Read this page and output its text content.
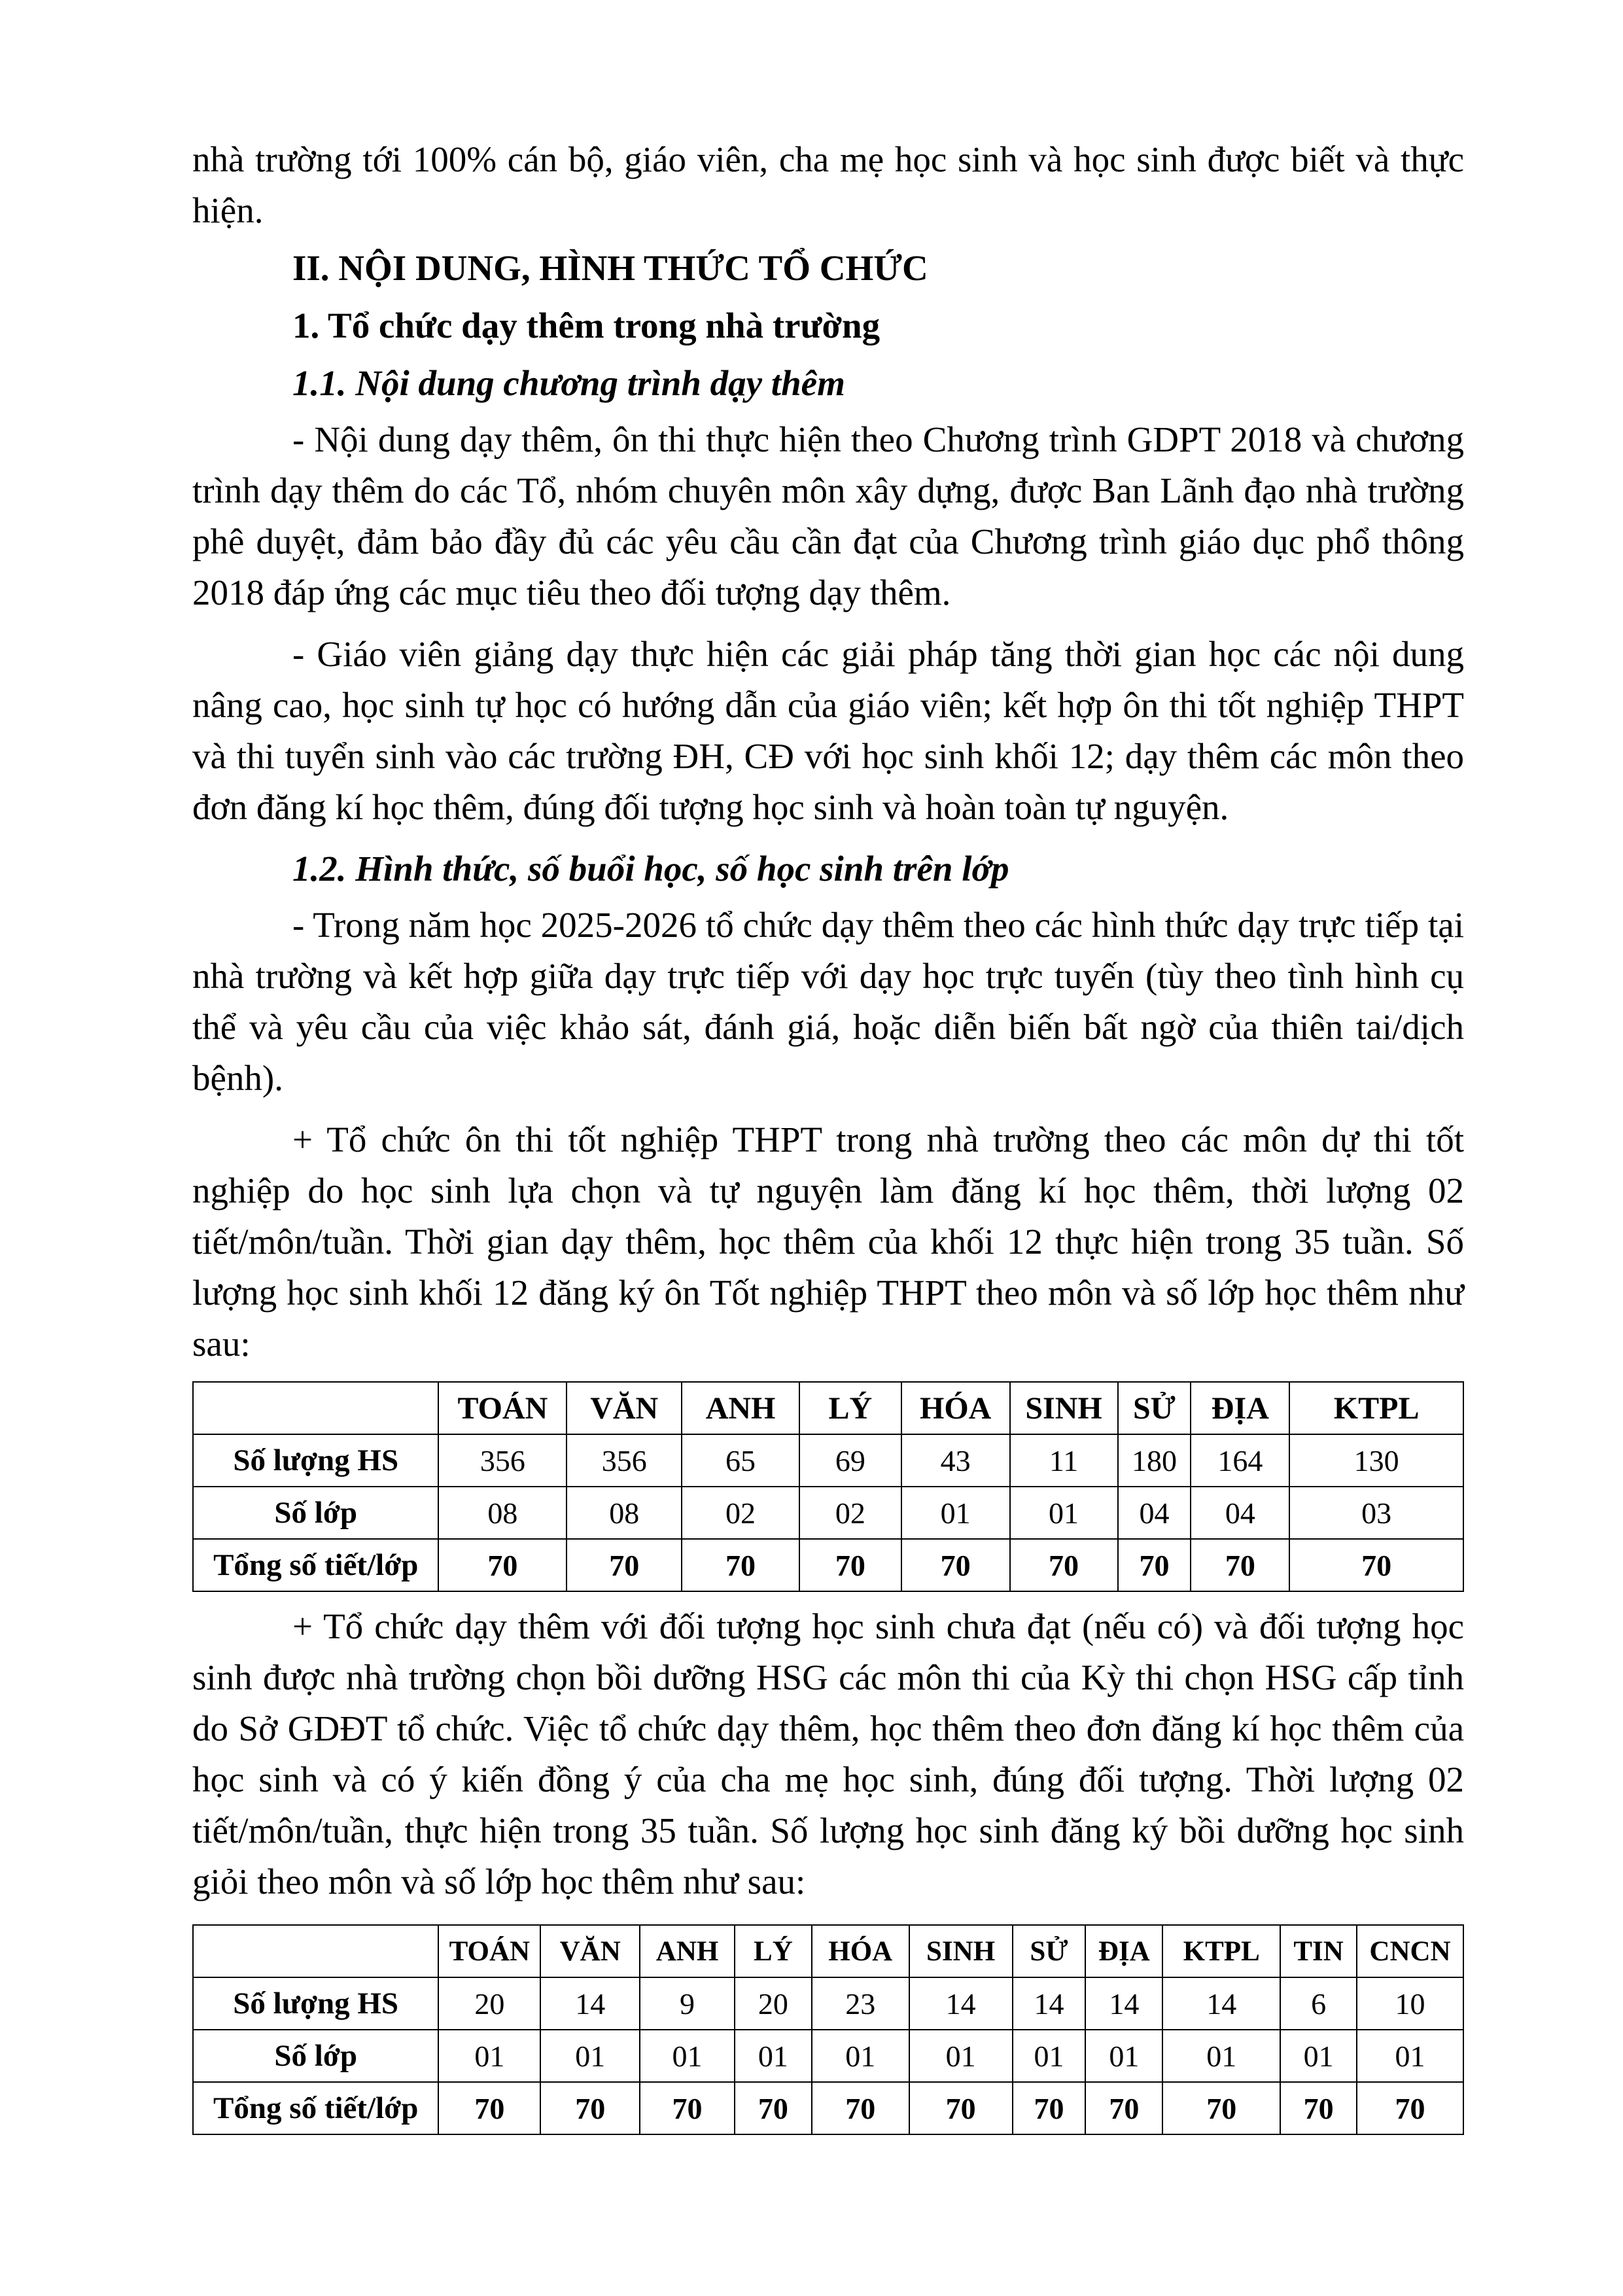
nhà trường tới 100% cán bộ, giáo viên, cha mẹ học sinh và học sinh được biết và thực hiện.

II. NỘI DUNG, HÌNH THỨC TỔ CHỨC

1. Tổ chức dạy thêm trong nhà trường

1.1. Nội dung chương trình dạy thêm

- Nội dung dạy thêm, ôn thi thực hiện theo Chương trình GDPT 2018 và chương trình dạy thêm do các Tổ, nhóm chuyên môn xây dựng, được Ban Lãnh đạo nhà trường phê duyệt, đảm bảo đầy đủ các yêu cầu cần đạt của Chương trình giáo dục phổ thông 2018 đáp ứng các mục tiêu theo đối tượng dạy thêm.

- Giáo viên giảng dạy thực hiện các giải pháp tăng thời gian học các nội dung nâng cao, học sinh tự học có hướng dẫn của giáo viên; kết hợp ôn thi tốt nghiệp THPT và thi tuyển sinh vào các trường ĐH, CĐ với học sinh khối 12; dạy thêm các môn theo đơn đăng kí học thêm, đúng đối tượng học sinh và hoàn toàn tự nguyện.

1.2. Hình thức, số buổi học, số học sinh trên lớp

- Trong năm học 2025-2026 tổ chức dạy thêm theo các hình thức dạy trực tiếp tại nhà trường và kết hợp giữa dạy trực tiếp với dạy học trực tuyến (tùy theo tình hình cụ thể và yêu cầu của việc khảo sát, đánh giá, hoặc diễn biến bất ngờ của thiên tai/dịch bệnh).

+ Tổ chức ôn thi tốt nghiệp THPT trong nhà trường theo các môn dự thi tốt nghiệp do học sinh lựa chọn và tự nguyện làm đăng kí học thêm, thời lượng 02 tiết/môn/tuần. Thời gian dạy thêm, học thêm của khối 12 thực hiện trong 35 tuần. Số lượng học sinh khối 12 đăng ký ôn Tốt nghiệp THPT theo môn và số lớp học thêm như sau:

	TOÁN	VĂN	ANH	LÝ	HÓA	SINH	SỬ	ĐỊA	KTPL
Số lượng HS	356	356	65	69	43	11	180	164	130
Số lớp	08	08	02	02	01	01	04	04	03
Tổng số tiết/lớp	70	70	70	70	70	70	70	70	70

+ Tổ chức dạy thêm với đối tượng học sinh chưa đạt (nếu có) và đối tượng học sinh được nhà trường chọn bồi dưỡng HSG các môn thi của Kỳ thi chọn HSG cấp tỉnh do Sở GDĐT tổ chức. Việc tổ chức dạy thêm, học thêm theo đơn đăng kí học thêm của học sinh và có ý kiến đồng ý của cha mẹ học sinh, đúng đối tượng. Thời lượng 02 tiết/môn/tuần, thực hiện trong 35 tuần. Số lượng học sinh đăng ký bồi dưỡng học sinh giỏi theo môn và số lớp học thêm như sau:

	TOÁN	VĂN	ANH	LÝ	HÓA	SINH	SỬ	ĐỊA	KTPL	TIN	CNCN
Số lượng HS	20	14	9	20	23	14	14	14	14	6	10
Số lớp	01	01	01	01	01	01	01	01	01	01	01
Tổng số tiết/lớp	70	70	70	70	70	70	70	70	70	70	70
